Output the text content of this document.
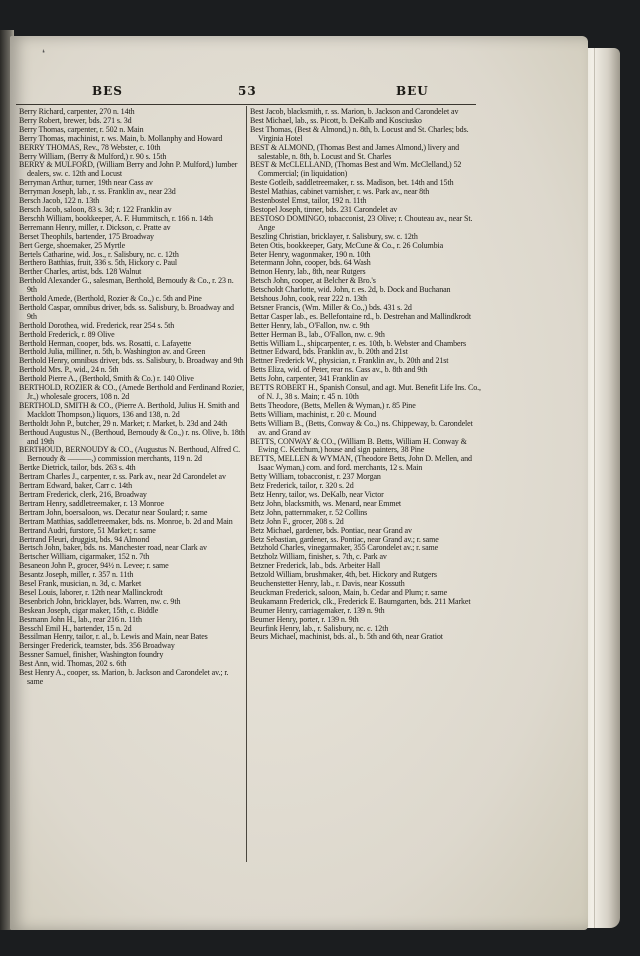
❛
BES	53	BEU
Berry Richard, carpenter, 270 n. 14th
Berry Robert, brewer, bds. 271 s. 3d
Berry Thomas, carpenter, r. 502 n. Main
Berry Thomas, machinist, r. ws. Main, b. Mollanphy and Howard
BERRY THOMAS, Rev., 78 Webster, c. 10th
Berry William, (Berry & Mulford,) r. 90 s. 15th
BERRY & MULFORD, (William Berry and John P. Mulford,) lumber dealers, sw. c. 12th and Locust
Berryman Arthur, turner, 19th near Cass av
Berryman Joseph, lab., r. ss. Franklin av., near 23d
Bersch Jacob, 122 n. 13th
Bersch Jacob, saloon, 83 s. 3d; r. 122 Franklin av
Berschh William, bookkeeper, A. F. Hummitsch, r. 166 n. 14th
Berremann Henry, miller, r. Dickson, c. Pratte av
Berset Theophils, bartender, 175 Broadway
Bert Gerge, shoemaker, 25 Myrtle
Bertels Catharine, wid. Jos., r. Salisbury, nc. c. 12th
Berthero Batthias, fruit, 336 s. 5th, Hickory c. Paul
Berther Charles, artist, bds. 128 Walnut
Berthold Alexander G., salesman, Berthold, Bernoudy & Co., r. 23 n. 9th
Berthold Amede, (Berthold, Rozier & Co.,) c. 5th and Pine
Berthold Caspar, omnibus driver, bds. ss. Salisbury, b. Broadway and 9th
Berthold Dorothea, wid. Frederick, rear 254 s. 5th
Berthold Frederick, r. 89 Olive
Berthold Herman, cooper, bds. ws. Rosatti, c. Lafayette
Berthold Julia, milliner, n. 5th, b. Washington av. and Green
Berthold Henry, omnibus driver, bds. ss. Salisbury, b. Broadway and 9th
Berthold Mrs. P., wid., 24 n. 5th
Berthold Pierre A., (Berthold, Smith & Co.) r. 140 Olive
BERTHOLD, ROZIER & CO., (Amede Berthold and Ferdinand Rozier, Jr.,) wholesale grocers, 108 n. 2d
BERTHOLD, SMITH & CO., (Pierre A. Berthold, Julius H. Smith and Macklott Thompson,) liquors, 136 and 138, n. 2d
Bertholdt John P., butcher, 29 n. Market; r. Market, b. 23d and 24th
Berthoud Augustus N., (Berthoud, Bernoudy & Co.,) r. ns. Olive, b. 18th and 19th
BERTHOUD, BERNOUDY & CO., (Augustus N. Berthoud, Alfred C. Bernoudy & ———,) commission merchants, 119 n. 2d
Bertke Dietrick, tailor, bds. 263 s. 4th
Bertram Charles J., carpenter, r. ss. Park av., near 2d Carondelet av
Bertram Edward, baker, Carr c. 14th
Bertram Frederick, clerk, 216, Broadway
Bertram Henry, saddletreemaker, r. 13 Monroe
Bertram John, boersaloon, ws. Decatur near Soulard; r. same
Bertram Matthias, saddletreemaker, bds. ns. Monroe, b. 2d and Main
Bertrand Audri, furstore, 51 Market; r. same
Bertrand Fleuri, druggist, bds. 94 Almond
Bertsch John, baker, bds. ns. Manchester road, near Clark av
Bertscher William, cigarmaker, 152 n. 7th
Besaneon John P., grocer, 94½ n. Levee; r. same
Besantz Joseph, miller, r. 357 n. 11th
Besel Frank, musician, n. 3d, c. Market
Besel Louis, laborer, r. 12th near Mallinckrodt
Besenbrich John, bricklayer, bds. Warren, nw. c. 9th
Beskean Joseph, cigar maker, 15th, c. Biddle
Besmann John H., lab., rear 216 n. 11th
Besschl Emil H., bartender, 15 n. 2d
Bessilman Henry, tailor, r. al., b. Lewis and Main, near Bates
Bersinger Frederick, teamster, bds. 356 Broadway
Bessner Samuel, finisher, Washington foundry
Best Ann, wid. Thomas, 202 s. 6th
Best Henry A., cooper, ss. Marion, b. Jackson and Carondelet av.; r. same
Best Jacob, blacksmith, r. ss. Marion, b. Jackson and Carondelet av
Best Michael, lab., ss. Picott, b. DeKalb and Kosciusko
Best Thomas, (Best & Almond,) n. 8th, b. Locust and St. Charles; bds. Virginia Hotel
BEST & ALMOND, (Thomas Best and James Almond,) livery and salestable, n. 8th, b. Locust and St. Charles
BEST & McCLELLAND, (Thomas Best and Wm. McClelland,) 52 Commercial; (in liquidation)
Beste Gotleib, saddletreemaker, r. ss. Madison, bet. 14th and 15th
Bestel Mathias, cabinet varnisher, r. ws. Park av., near 8th
Bestenbostel Ernst, tailor, 192 n. 11th
Bestopel Joseph, tinner, bds. 231 Carondelet av
BESTOSO DOMINGO, tobacconist, 23 Olive; r. Chouteau av., near St. Ange
Beszling Christian, bricklayer, r. Salisbury, sw. c. 12th
Beten Otis, bookkeeper, Gaty, McCune & Co., r. 26 Columbia
Beter Henry, wagonmaker, 190 n. 10th
Betermann John, cooper, bds. 64 Wash
Betnon Henry, lab., 8th, near Rutgers
Betsch John, cooper, at Belcher & Bro.'s
Betscholdt Charlotte, wid. John, r. es. 2d, b. Dock and Buchanan
Betshous John, cook, rear 222 n. 13th
Betsner Francis, (Wm. Miller & Co.,) bds. 431 s. 2d
Bettar Casper lab., es. Bellefontaine rd., b. Destrehan and Mallindkrodt
Better Henry, lab., O'Fallon, nw. c. 9th
Better Herman B., lab., O'Fallon, nw. c. 9th
Bettis William L., shipcarpenter, r. es. 10th, b. Webster and Chambers
Bettner Edward, bds. Franklin av., b. 20th and 21st
Bettner Frederick W., physician, r. Franklin av., b. 20th and 21st
Betts Eliza, wid. of Peter, rear ns. Cass av., b. 8th and 9th
Betts John, carpenter, 341 Franklin av
BETTS ROBERT H., Spanish Consul, and agt. Mut. Benefit Life Ins. Co., of N. J., 38 s. Main; r. 45 n. 10th
Betts Theodore, (Betts, Mellen & Wyman,) r. 85 Pine
Betts William, machinist, r. 20 c. Mound
Betts William B., (Betts, Conway & Co.,) ns. Chippeway, b. Carondelet av. and Grand av
BETTS, CONWAY & CO., (William B. Betts, William H. Conway & Ewing C. Ketchum,) house and sign painters, 38 Pine
BETTS, MELLEN & WYMAN, (Theodore Betts, John D. Mellen, and Isaac Wyman,) com. and ford. merchants, 12 s. Main
Betty William, tobacconist, r. 237 Morgan
Betz Frederick, tailor, r. 320 s. 2d
Betz Henry, tailor, ws. DeKalb, near Victor
Betz John, blacksmith, ws. Menard, near Emmet
Betz John, patternmaker, r. 52 Collins
Betz John F., grocer, 208 s. 2d
Betz Michael, gardener, bds. Pontiac, near Grand av
Betz Sebastian, gardener, ss. Pontiac, near Grand av.; r. same
Betzhold Charles, vinegarmaker, 355 Carondelet av.; r. same
Betzholz William, finisher, s. 7th, c. Park av
Betzner Frederick, lab., bds. Arbeiter Hall
Betzold William, brushmaker, 4th, bet. Hickory and Rutgers
Beuchenstetter Henry, lab., r. Davis, near Kossuth
Beuckman Frederick, saloon, Main, b. Cedar and Plum; r. same
Beukamann Frederick, clk., Frederick E. Baumgarten, bds. 211 Market
Beumer Henry, carriagemaker, r. 139 n. 9th
Beumer Henry, porter, r. 139 n. 9th
Beurfink Henry, lab., r. Salisbury, nc. c. 12th
Beurs Michael, machinist, bds. al., b. 5th and 6th, near Gratiot
